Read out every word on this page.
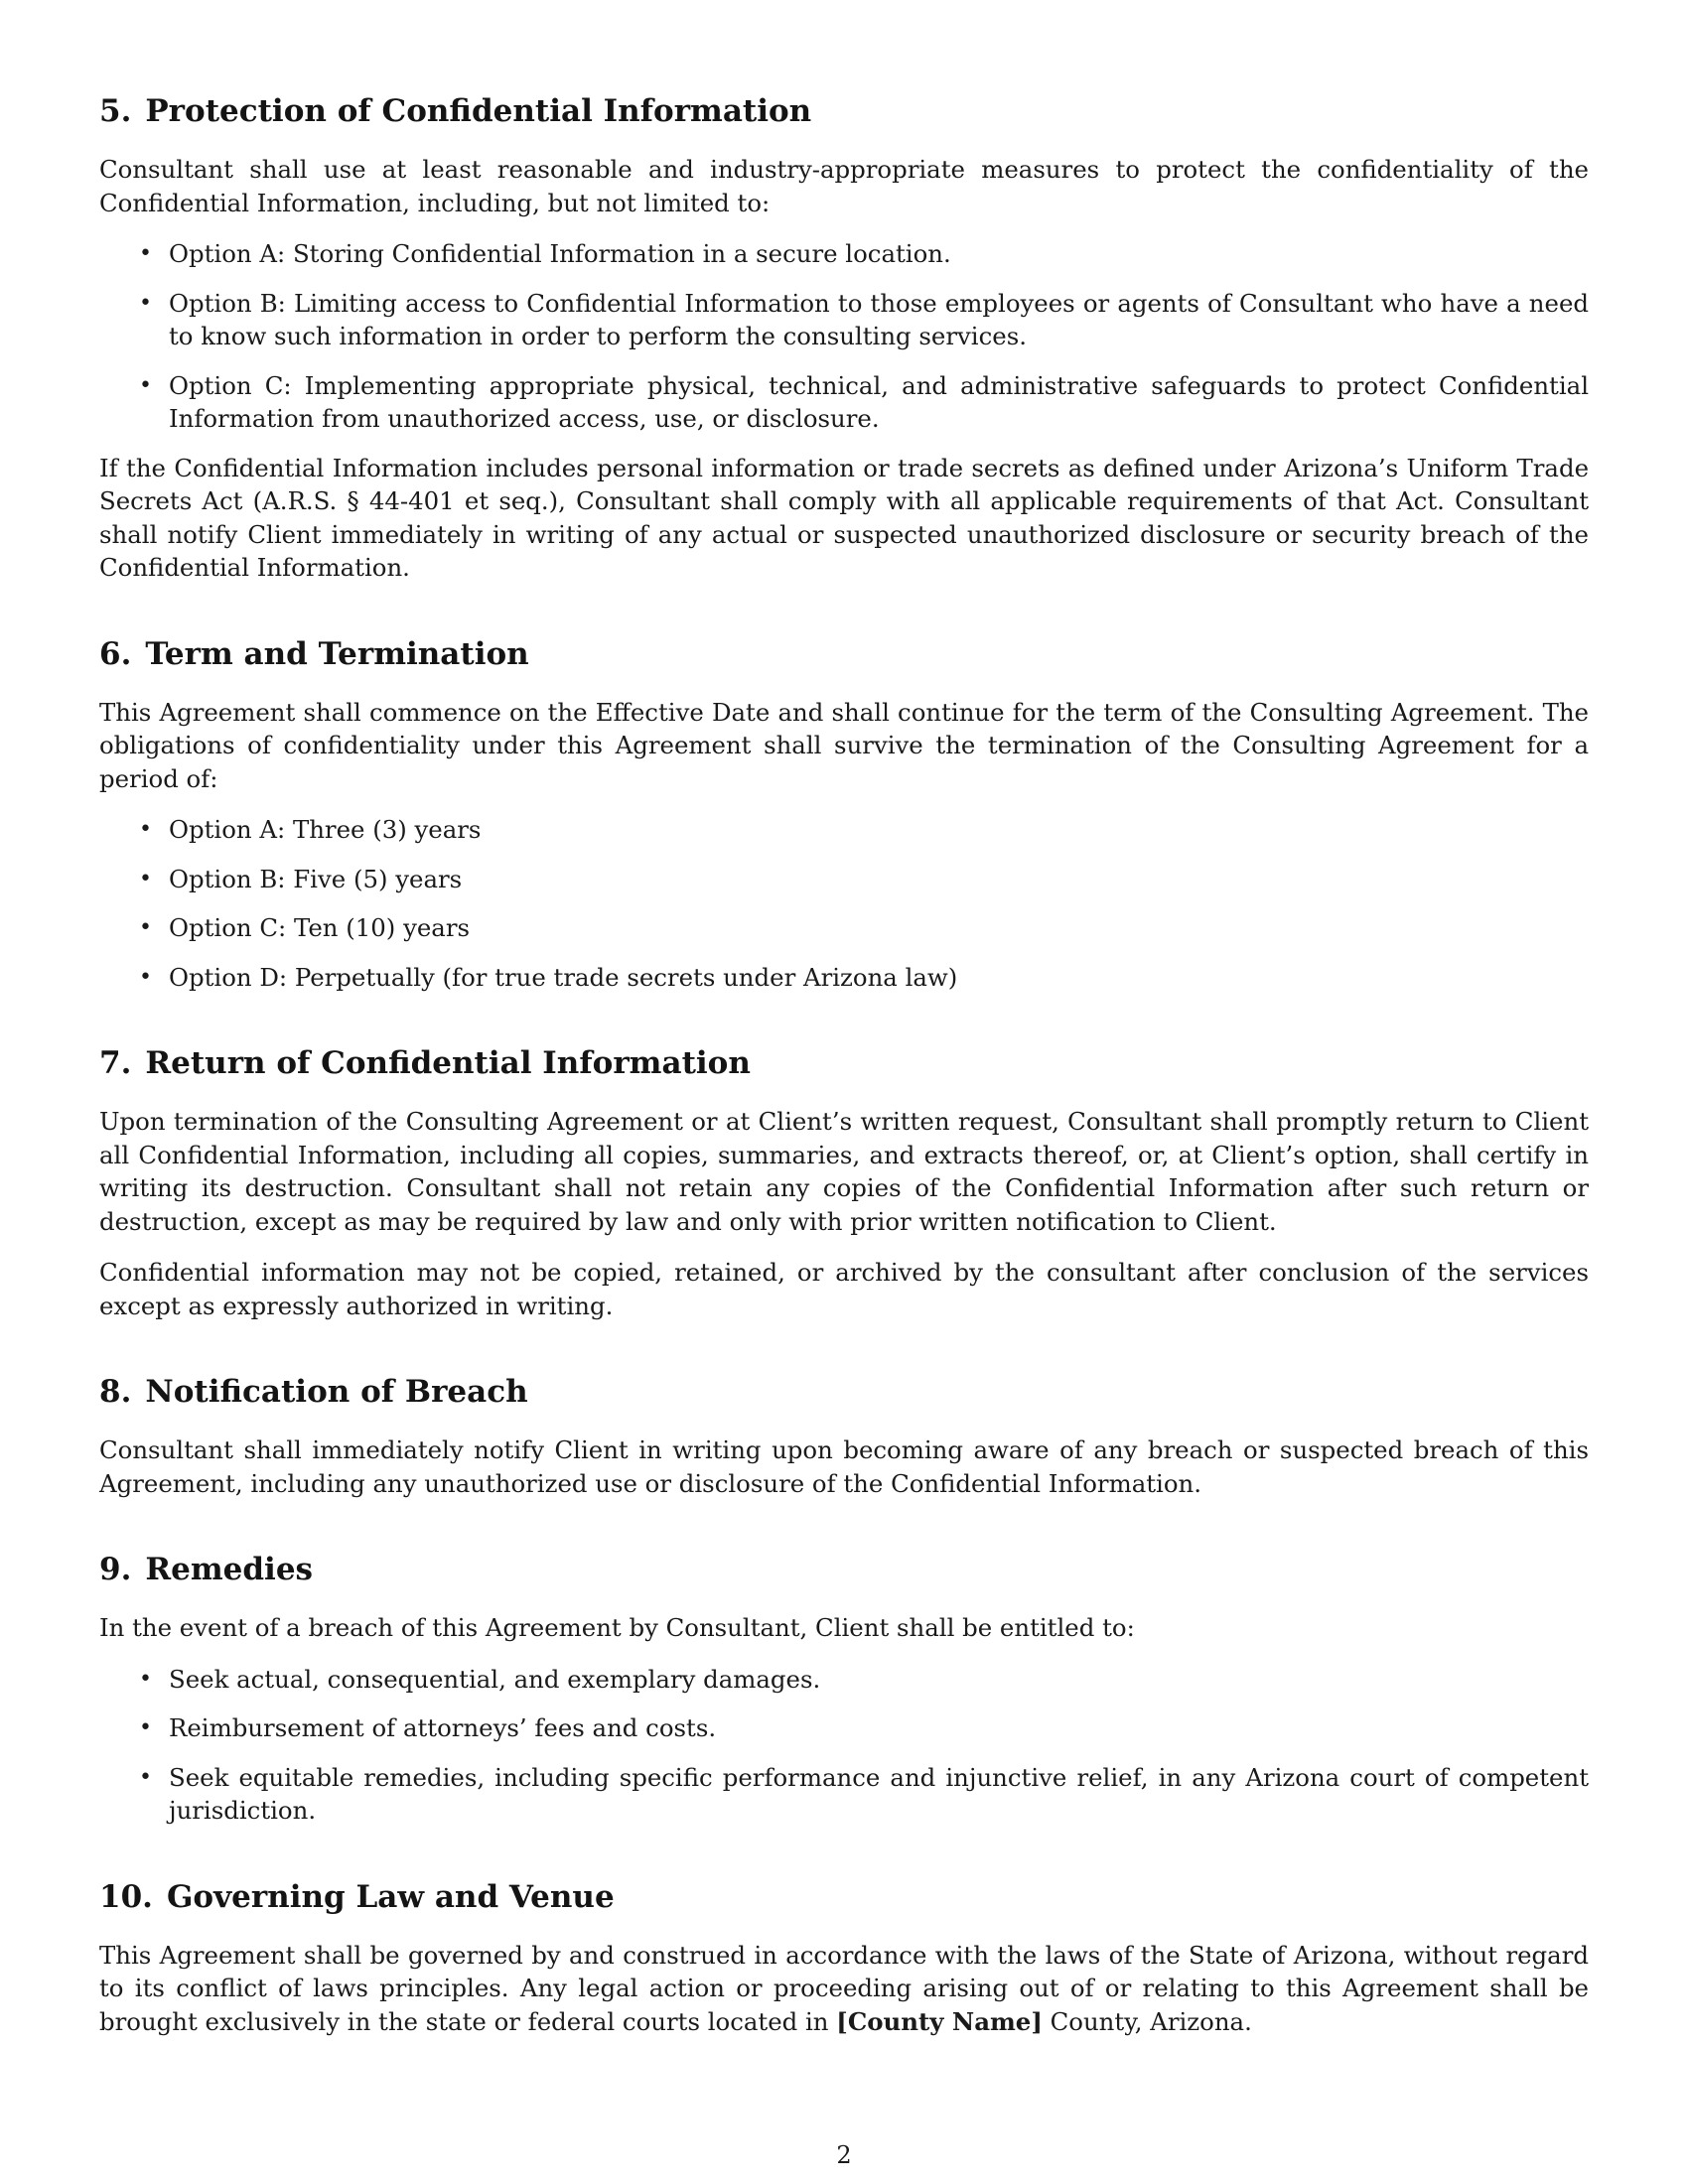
5. Protection of Confidential Information

Consultant shall use at least reasonable and industry-appropriate measures to protect the confidentiality of the Confidential Information, including, but not limited to:

• Option A: Storing Confidential Information in a secure location.
• Option B: Limiting access to Confidential Information to those employees or agents of Consultant who have a need to know such information in order to perform the consulting services.
• Option C: Implementing appropriate physical, technical, and administrative safeguards to protect Confidential Information from unauthorized access, use, or disclosure.

If the Confidential Information includes personal information or trade secrets as defined under Arizona’s Uniform Trade Secrets Act (A.R.S. § 44-401 et seq.), Consultant shall comply with all applicable requirements of that Act. Consultant shall notify Client immediately in writing of any actual or suspected unauthorized disclosure or security breach of the Confidential Information.

6. Term and Termination

This Agreement shall commence on the Effective Date and shall continue for the term of the Consulting Agreement. The obligations of confidentiality under this Agreement shall survive the termination of the Consulting Agreement for a period of:

• Option A: Three (3) years
• Option B: Five (5) years
• Option C: Ten (10) years
• Option D: Perpetually (for true trade secrets under Arizona law)
7. Return of Confidential Information

Upon termination of the Consulting Agreement or at Client’s written request, Consultant shall promptly return to Client all Confidential Information, including all copies, summaries, and extracts thereof, or, at Client’s option, shall certify in writing its destruction. Consultant shall not retain any copies of the Confidential Information after such return or destruction, except as may be required by law and only with prior written notification to Client.

Confidential information may not be copied, retained, or archived by the consultant after conclusion of the services except as expressly authorized in writing.

8. Notification of Breach

Consultant shall immediately notify Client in writing upon becoming aware of any breach or suspected breach of this Agreement, including any unauthorized use or disclosure of the Confidential Information.

9. Remedies

In the event of a breach of this Agreement by Consultant, Client shall be entitled to:

• Seek actual, consequential, and exemplary damages.
• Reimbursement of attorneys’ fees and costs.
• Seek equitable remedies, including specific performance and injunctive relief, in any Arizona court of competent jurisdiction.
10. Governing Law and Venue

This Agreement shall be governed by and construed in accordance with the laws of the State of Arizona, without regard to its conflict of laws principles. Any legal action or proceeding arising out of or relating to this Agreement shall be brought exclusively in the state or federal courts located in [County Name] County, Arizona.

2
